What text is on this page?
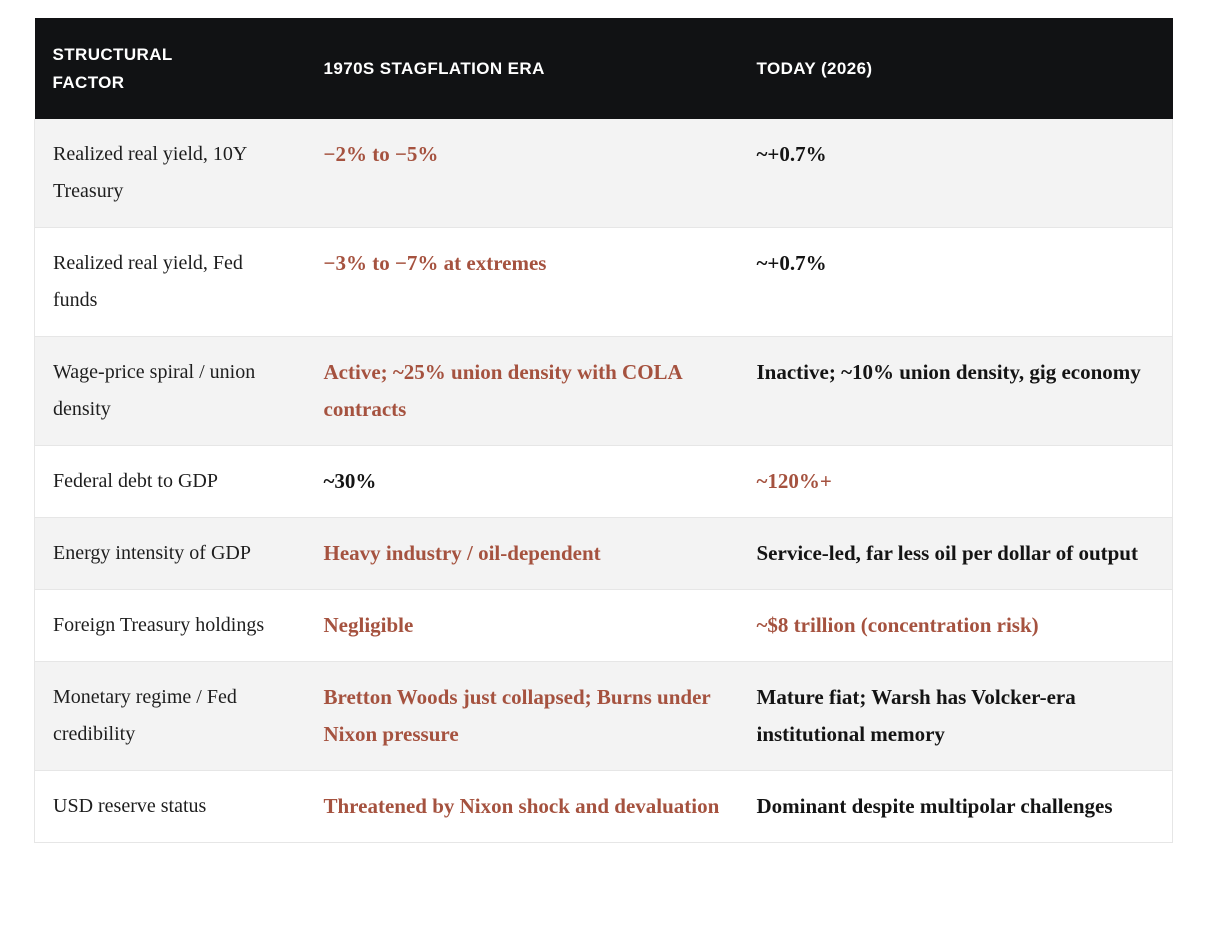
STRUCTURAL FACTOR	1970S STAGFLATION ERA	TODAY (2026)
Realized real yield, 10Y Treasury	−2% to −5%	~+0.7%
Realized real yield, Fed funds	−3% to −7% at extremes	~+0.7%
Wage-price spiral / union density	Active; ~25% union density with COLA contracts	Inactive; ~10% union density, gig economy
Federal debt to GDP	~30%	~120%+
Energy intensity of GDP	Heavy industry / oil-dependent	Service-led, far less oil per dollar of output
Foreign Treasury holdings	Negligible	~$8 trillion (concentration risk)
Monetary regime / Fed credibility	Bretton Woods just collapsed; Burns under Nixon pressure	Mature fiat; Warsh has Volcker-era institutional memory
USD reserve status	Threatened by Nixon shock and devaluation	Dominant despite multipolar challenges
